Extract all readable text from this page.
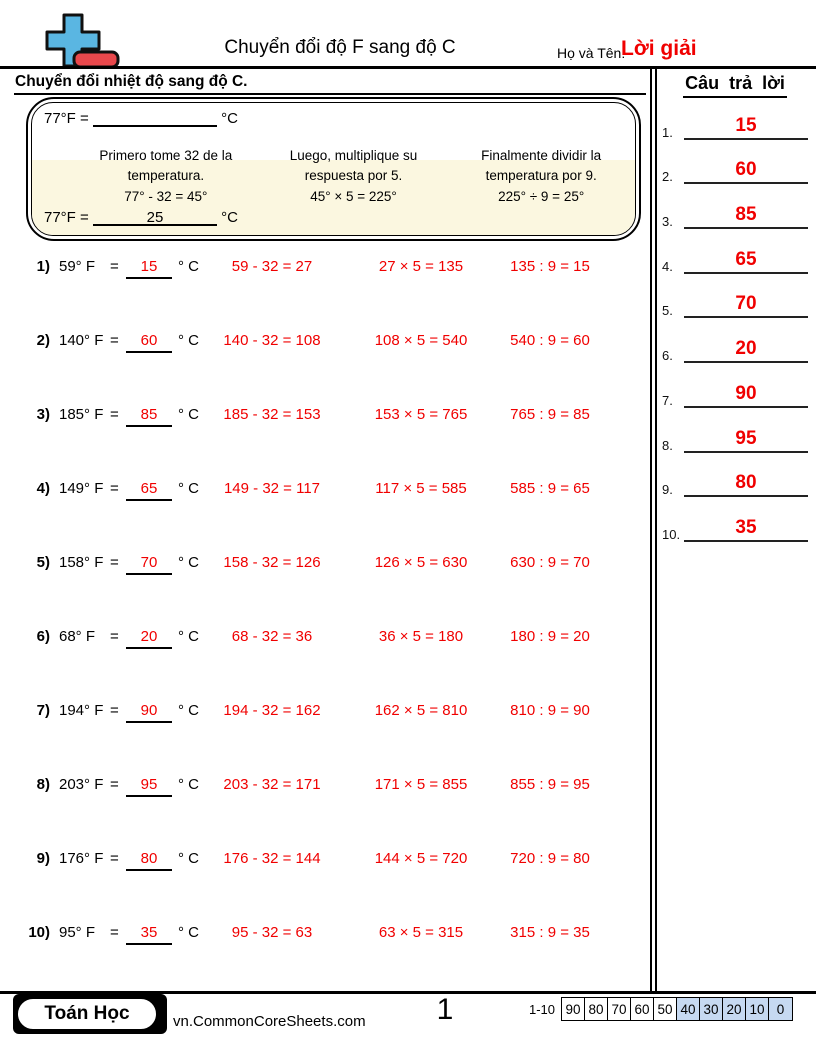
Chuyển đổi độ F sang độ C	Họ và Tên:
Lời giải
Chuyển đổi nhiệt độ sang độ C.
77°F =	°C
Primero tome 32 de la
temperatura.
77° - 32 = 45°
Luego, multiplique su
respuesta por 5.
45° × 5 = 225°
Finalmente dividir la
temperatura por 9.
225° ÷ 9 = 25°
77°F =	25	°C
1) 59° F =	15	° C	59 - 32 = 27	27 × 5 = 135	135 : 9 = 15
2) 140° F =	60	° C	140 - 32 = 108	108 × 5 = 540	540 : 9 = 60
3) 185° F =	85	° C	185 - 32 = 153	153 × 5 = 765	765 : 9 = 85
4) 149° F =	65	° C	149 - 32 = 117	117 × 5 = 585	585 : 9 = 65
5) 158° F =	70	° C	158 - 32 = 126	126 × 5 = 630	630 : 9 = 70
6) 68° F =	20	° C	68 - 32 = 36	36 × 5 = 180	180 : 9 = 20
7) 194° F =	90	° C	194 - 32 = 162	162 × 5 = 810	810 : 9 = 90
8) 203° F =	95	° C	203 - 32 = 171	171 × 5 = 855	855 : 9 = 95
9) 176° F =	80	° C	176 - 32 = 144	144 × 5 = 720	720 : 9 = 80
10) 95° F =	35	° C	95 - 32 = 63	63 × 5 = 315	315 : 9 = 35
Câu trả lời
1.	15
2.	60
3.	85
4.	65
5.	70
6.	20
7.	90
8.	95
9.	80
10.	35
Toán Học	vn.CommonCoreSheets.com	1	1-10 90 80 70 60 50 40 30 20 10 0
